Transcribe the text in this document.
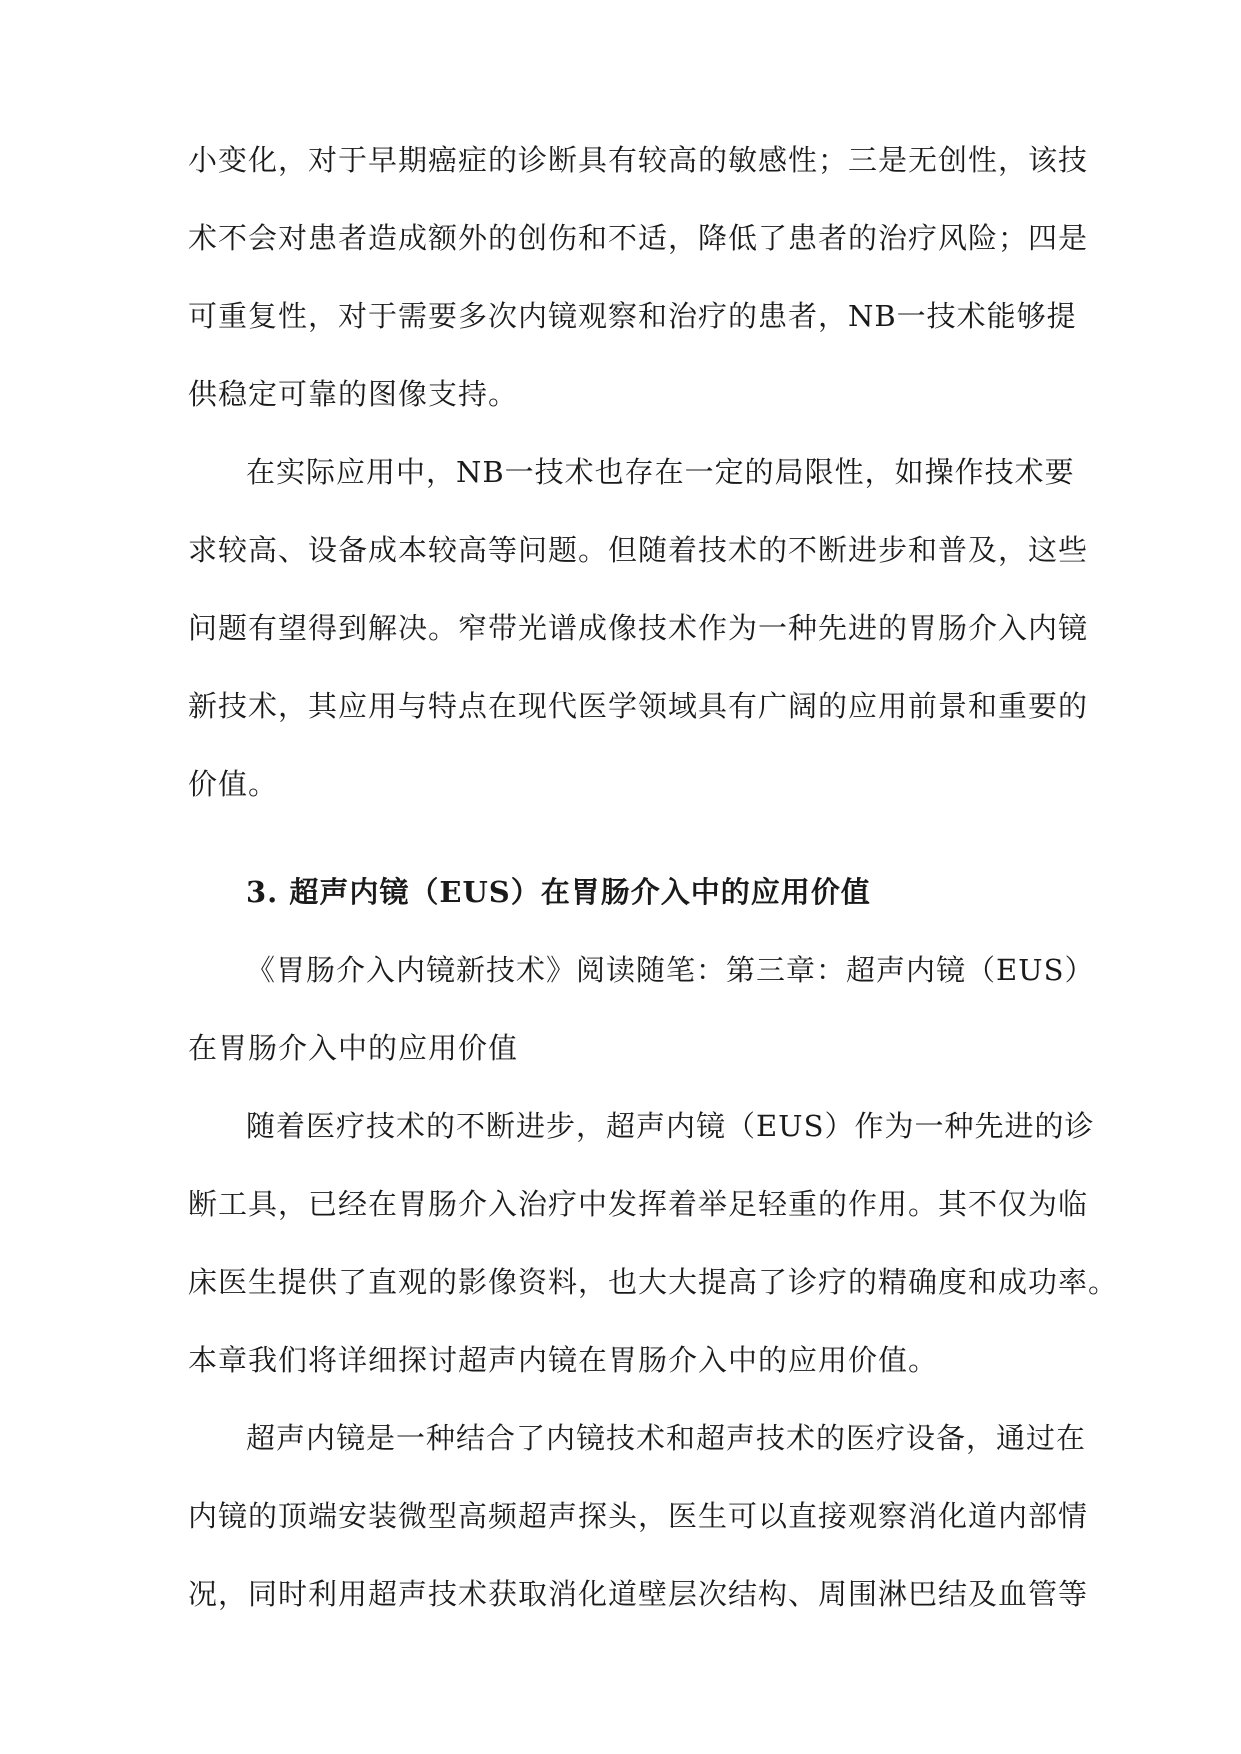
小变化，对于早期癌症的诊断具有较高的敏感性；三是无创性，该技
术不会对患者造成额外的创伤和不适，降低了患者的治疗风险；四是
可重复性，对于需要多次内镜观察和治疗的患者，NB一技术能够提
供稳定可靠的图像支持。
在实际应用中，NB一技术也存在一定的局限性，如操作技术要
求较高、设备成本较高等问题。但随着技术的不断进步和普及，这些
问题有望得到解决。窄带光谱成像技术作为一种先进的胃肠介入内镜
新技术，其应用与特点在现代医学领域具有广阔的应用前景和重要的
价值。
3. 超声内镜（EUS）在胃肠介入中的应用价值
《胃肠介入内镜新技术》阅读随笔：第三章：超声内镜（EUS）
在胃肠介入中的应用价值
随着医疗技术的不断进步，超声内镜（EUS）作为一种先进的诊
断工具，已经在胃肠介入治疗中发挥着举足轻重的作用。其不仅为临
床医生提供了直观的影像资料，也大大提高了诊疗的精确度和成功率。
本章我们将详细探讨超声内镜在胃肠介入中的应用价值。
超声内镜是一种结合了内镜技术和超声技术的医疗设备，通过在
内镜的顶端安装微型高频超声探头，医生可以直接观察消化道内部情
况，同时利用超声技术获取消化道壁层次结构、周围淋巴结及血管等
